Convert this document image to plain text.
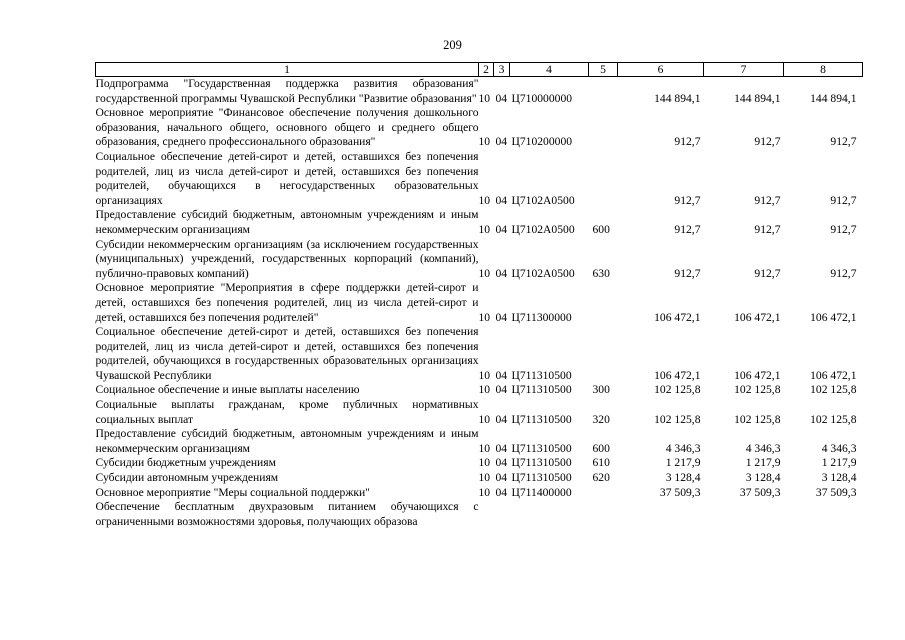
209
1	2	3	4	5	6	7	8
Подпрограмма "Государственная поддержка развития образования" государственной программы Чувашской Республики "Развитие образования"	10	04	Ц710000000		144 894,1	144 894,1	144 894,1
Основное мероприятие "Финансовое обеспечение получения дошкольного образования, начального общего, основного общего и среднего общего образования, среднего профессионального образования"	10	04	Ц710200000		912,7	912,7	912,7
Социальное обеспечение детей-сирот и детей, оставшихся без попечения родителей, лиц из числа детей-сирот и детей, оставшихся без попечения родителей, обучающихся в негосударственных образовательных организациях	10	04	Ц7102А0500		912,7	912,7	912,7
Предоставление субсидий бюджетным, автономным учреждениям и иным некоммерческим организациям	10	04	Ц7102А0500	600	912,7	912,7	912,7
Субсидии некоммерческим организациям (за исключением государственных (муниципальных) учреждений, государственных корпораций (компаний), публично-правовых компаний)	10	04	Ц7102А0500	630	912,7	912,7	912,7
Основное мероприятие "Мероприятия в сфере поддержки детей-сирот и детей, оставшихся без попечения родителей, лиц из числа детей-сирот и детей, оставшихся без попечения родителей"	10	04	Ц711300000		106 472,1	106 472,1	106 472,1
Социальное обеспечение детей-сирот и детей, оставшихся без попечения родителей, лиц из числа детей-сирот и детей, оставшихся без попечения родителей, обучающихся в государственных образовательных организациях Чувашской Республики	10	04	Ц711310500		106 472,1	106 472,1	106 472,1
Социальное обеспечение и иные выплаты населению	10	04	Ц711310500	300	102 125,8	102 125,8	102 125,8
Социальные выплаты гражданам, кроме публичных нормативных социальных выплат	10	04	Ц711310500	320	102 125,8	102 125,8	102 125,8
Предоставление субсидий бюджетным, автономным учреждениям и иным некоммерческим организациям	10	04	Ц711310500	600	4 346,3	4 346,3	4 346,3
Субсидии бюджетным учреждениям	10	04	Ц711310500	610	1 217,9	1 217,9	1 217,9
Субсидии автономным учреждениям	10	04	Ц711310500	620	3 128,4	3 128,4	3 128,4
Основное мероприятие "Меры социальной поддержки"	10	04	Ц711400000		37 509,3	37 509,3	37 509,3
Обеспечение бесплатным двухразовым питанием обучающихся с ограниченными возможностями здоровья, получающих образова							
